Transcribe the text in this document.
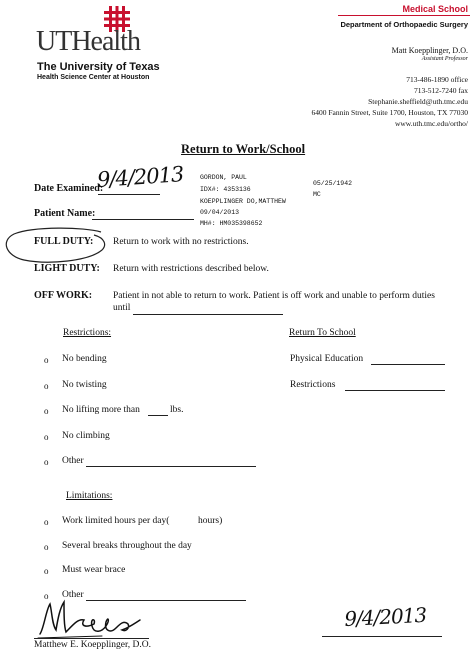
UTHealth
The University of Texas
Health Science Center at Houston
Medical School
Department of Orthopaedic Surgery
Matt Koepplinger, D.O.
Assistant Professor
713-486-1890 office
713-512-7240 fax
Stephanie.sheffield@uth.tmc.edu
6400 Fannin Street, Suite 1700, Houston, TX 77030
www.uth.tmc.edu/ortho/
Return to Work/School
Date Examined:
9/4/2013 GORDON, PAUL
05/25/1942
IDX#: 4353136
MC
KOEPPLINGER DO,MATTHEW
09/04/2013
MH#: HM035398652
Patient Name:
FULL DUTY: Return to work with no restrictions.
LIGHT DUTY: Return with restrictions described below.
OFF WORK: Patient in not able to return to work. Patient is off work and unable to perform duties
until
Restrictions:
o No bending
o No twisting
o No lifting more than	lbs.
o No climbing
o Other
Return To School
Physical Education
Restrictions
Limitations:
o Work limited hours per day(	hours)
o Several breaks throughout the day
o Must wear brace
o Other
Matthew E. Koepplinger, D.O.
9/4/2013
